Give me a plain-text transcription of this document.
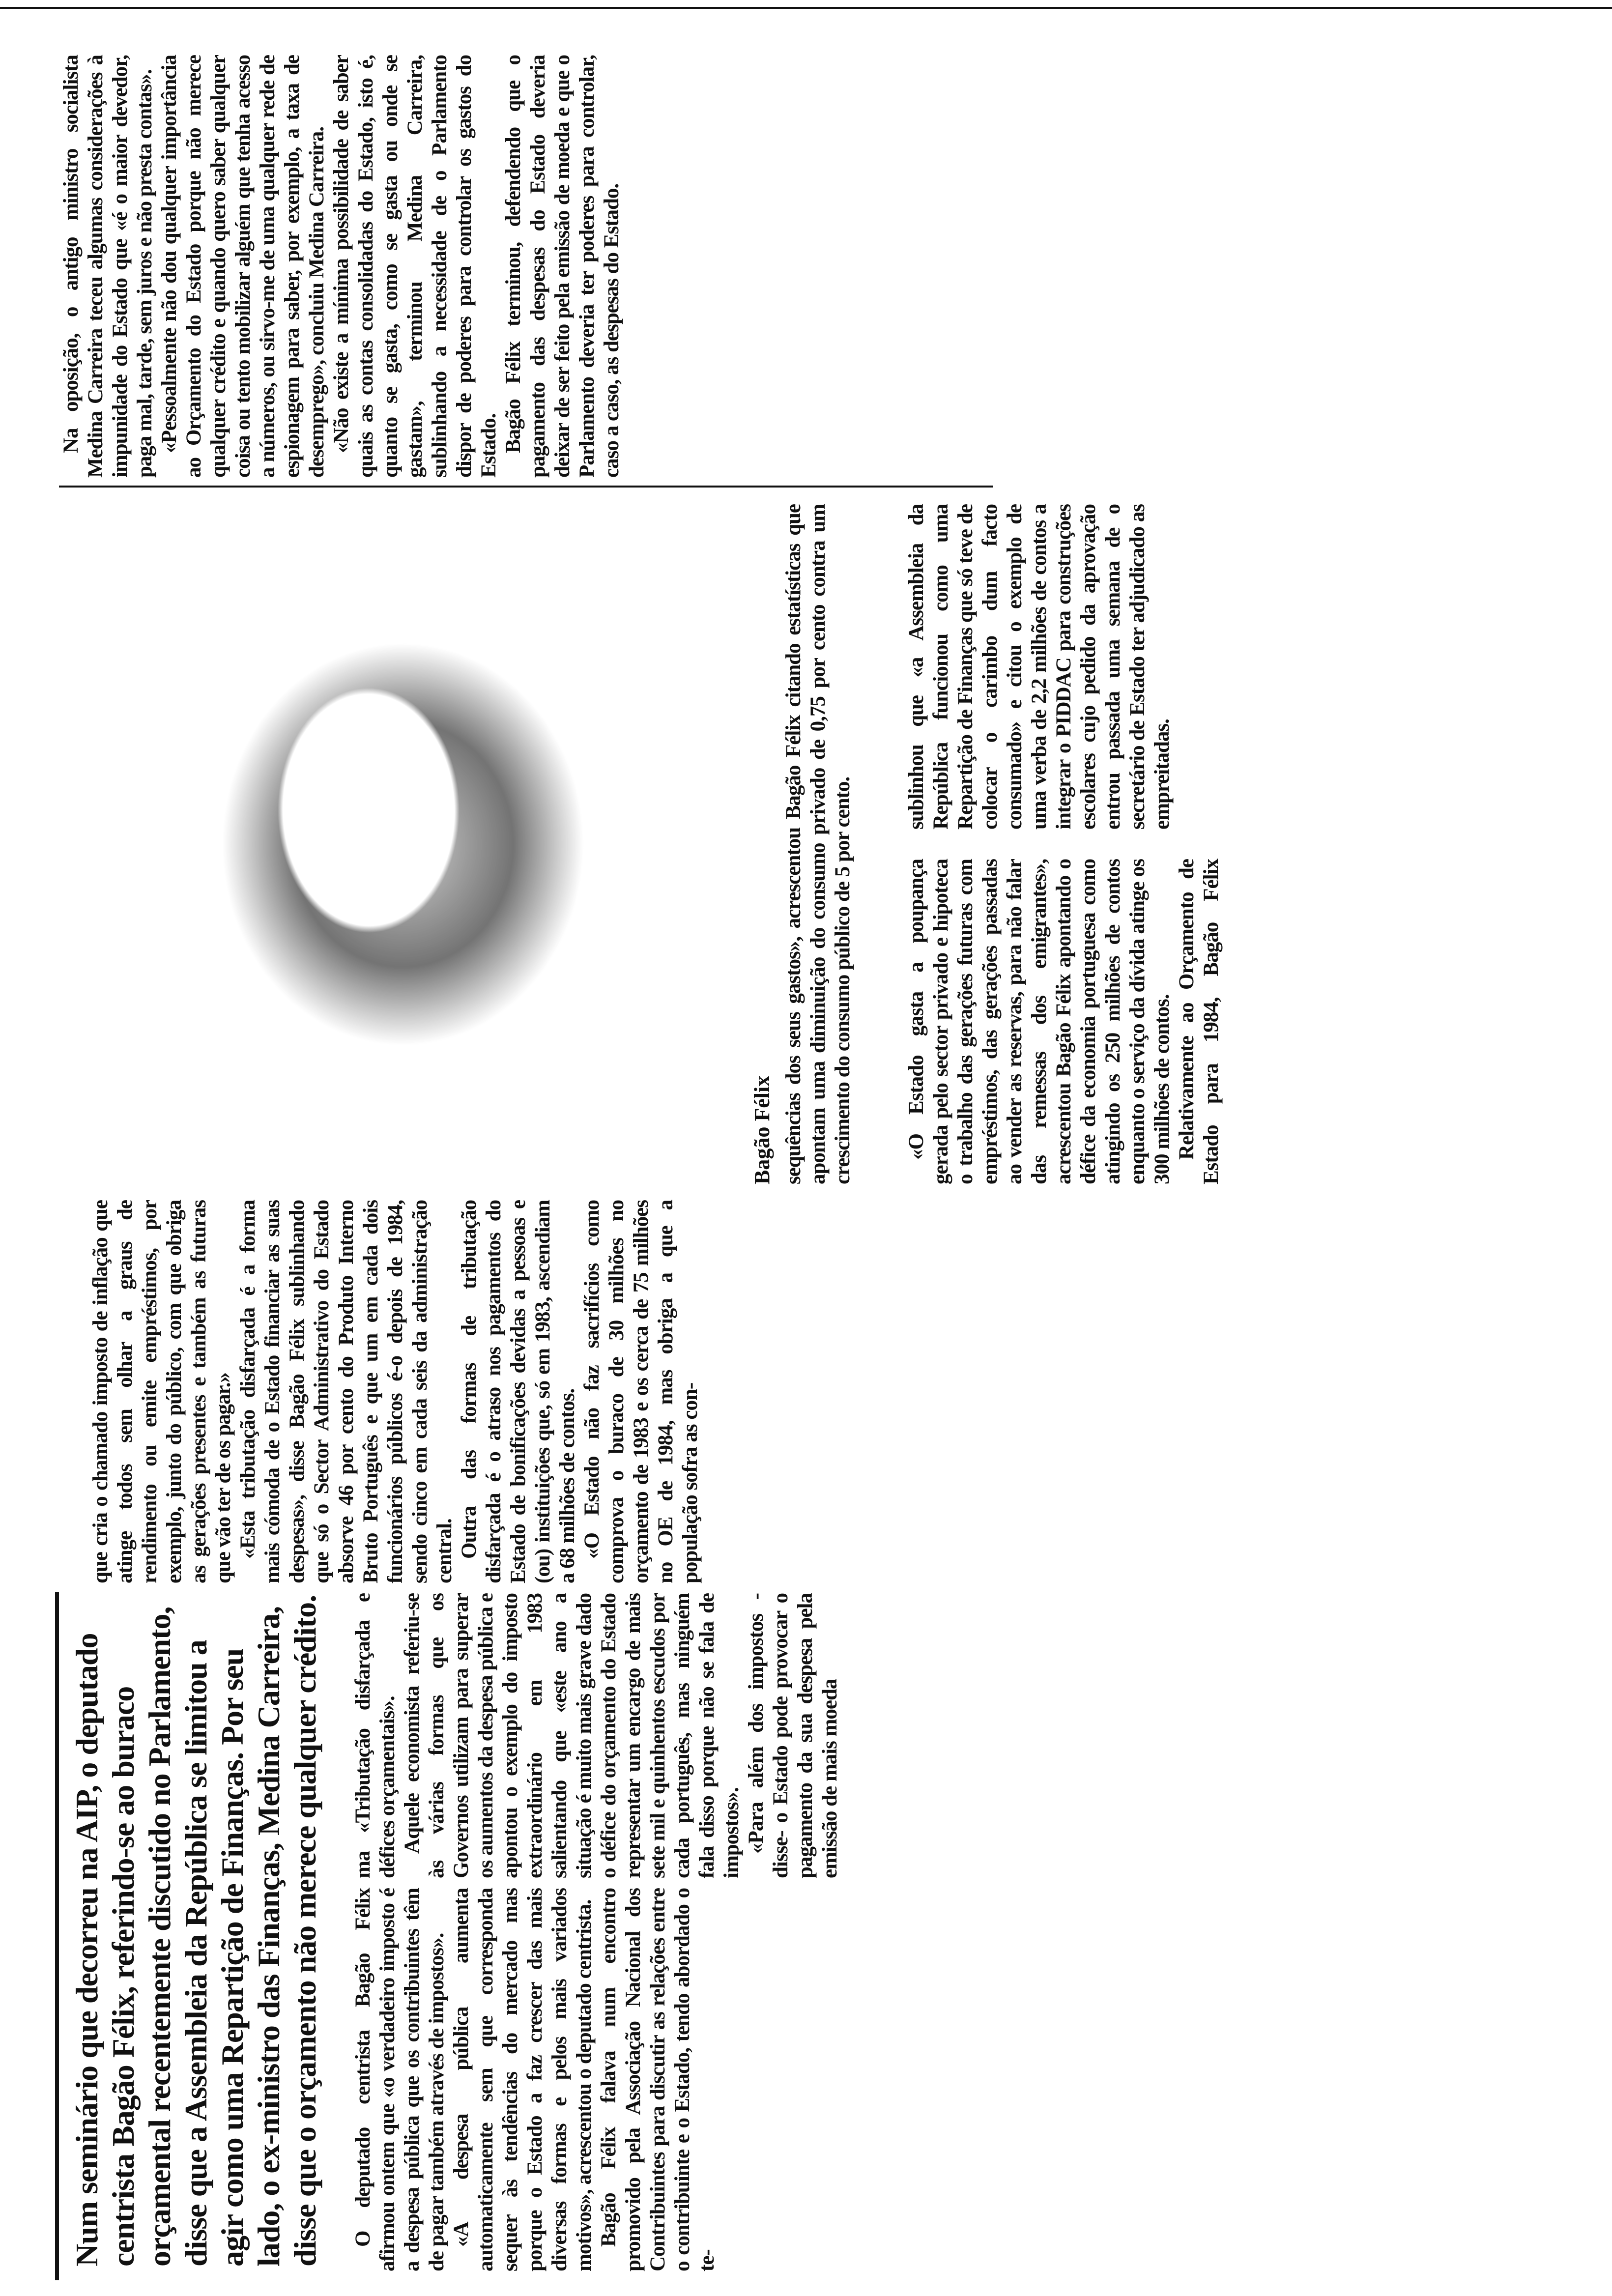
Num seminário que decorreu na AIP, o deputado centrista Bagão Félix, referindo-se ao buraco orçamental recentemente discutido no Parlamento, disse que a Assembleia da República se limitou a agir como uma Repartição de Finanças. Por seu lado, o ex-ministro das Finanças, Medina Carreira, disse que o orçamento não merece qualquer crédito. O deputado centrista Bagão Félix afirmou ontem que «o verdadeiro imposto é a despesa pública que os contribuintes têm de pagar também através de impostos». «A despesa pública aumenta automaticamente sem que corresponda sequer às tendências do mercado mas porque o Estado a faz crescer das mais diversas formas e pelos mais variados motivos», acrescentou o deputado centrista. Bagão Félix falava num encontro promovido pela Associação Nacional dos Contribuintes para discutir as relações entre o contribuinte e o Estado, tendo abordado o te-

ma «Tributação disfarçada e défices orçamentais». Aquele economista referiu-se às várias formas que os Governos utilizam para superar os aumentos da despesa pública e apontou o exemplo do imposto extraordinário em 1983 salientando que «este ano a situação é muito mais grave dado o défice do orçamento do Estado representar um encargo de mais sete mil e quinhentos escudos por cada português, mas ninguém fala disso porque não se fala de impostos». «Para além dos impostos -disse- o Estado pode provocar o pagamento da sua despesa pela emissão de mais moeda

que cria o chamado imposto de inflação que atinge todos sem olhar a graus de rendimento ou emite empréstimos, por exemplo, junto do público, com que obriga as gerações presentes e também as futuras que vão ter de os pagar.» «Esta tributação disfarçada é a forma mais cómoda de o Estado financiar as suas despesas», disse Bagão Félix sublinhando que só o Sector Administrativo do Estado absorve 46 por cento do Produto Interno Bruto Português e que um em cada dois funcionários públicos é-o depois de 1984, sendo cinco em cada seis da administração central. Outra das formas de tributação disfarçada é o atraso nos pagamentos do Estado de bonificações devidas a pessoas e (ou) instituições que, só em 1983, ascendiam a 68 milhões de contos. «O Estado não faz sacrifícios como comprova o buraco de 30 milhões no orçamento de 1983 e os cerca de 75 milhões no OE de 1984, mas obriga a que a população sofra as con-

Bagão Félix sequências dos seus gastos», acrescentou Bagão Félix citando estatísticas que apontam uma diminuição do consumo privado de 0,75 por cento contra um crescimento do consumo público de 5 por cento. «O Estado gasta a poupança gerada pelo sector privado e hipoteca o trabalho das gerações futuras com empréstimos, das gerações passadas ao vender as reservas, para não falar das remessas dos emigrantes», acrescentou Bagão Félix apontando o défice da economia portuguesa como atingindo os 250 milhões de contos enquanto o serviço da dívida atinge os 300 milhões de contos. Relativamente ao Orçamento de Estado para 1984, Bagão Félix sublinhou que «a Assembleia da República funcionou como uma Repartição de Finanças que só teve de colocar o carimbo dum facto consumado» e citou o exemplo de uma verba de 2,2 milhões de contos a integrar o PIDDAC para construções escolares cujo pedido da aprovação entrou passada uma semana de o secretário de Estado ter adjudicado as empreitadas.

Na oposição, o antigo ministro socialista Medina Carreira teceu algumas considerações à impunidade do Estado que «é o maior devedor, paga mal, tarde, sem juros e não presta contas». «Pessoalmente não dou qualquer importância ao Orçamento do Estado porque não merece qualquer crédito e quando quero saber qualquer coisa ou tento mobilizar alguém que tenha acesso a números, ou sirvo-me de uma qualquer rede de espionagem para saber, por exemplo, a taxa de desemprego», concluiu Medina Carreira. «Não existe a mínima possibilidade de saber quais as contas consolidadas do Estado, isto é, quanto se gasta, como se gasta ou onde se gastam», terminou Medina Carreira, sublinhando a necessidade de o Parlamento dispor de poderes para controlar os gastos do Estado. Bagão Félix terminou, defendendo que o pagamento das despesas do Estado deveria deixar de ser feito pela emissão de moeda e que o Parlamento deveria ter poderes para controlar, caso a caso, as despesas do Estado.
